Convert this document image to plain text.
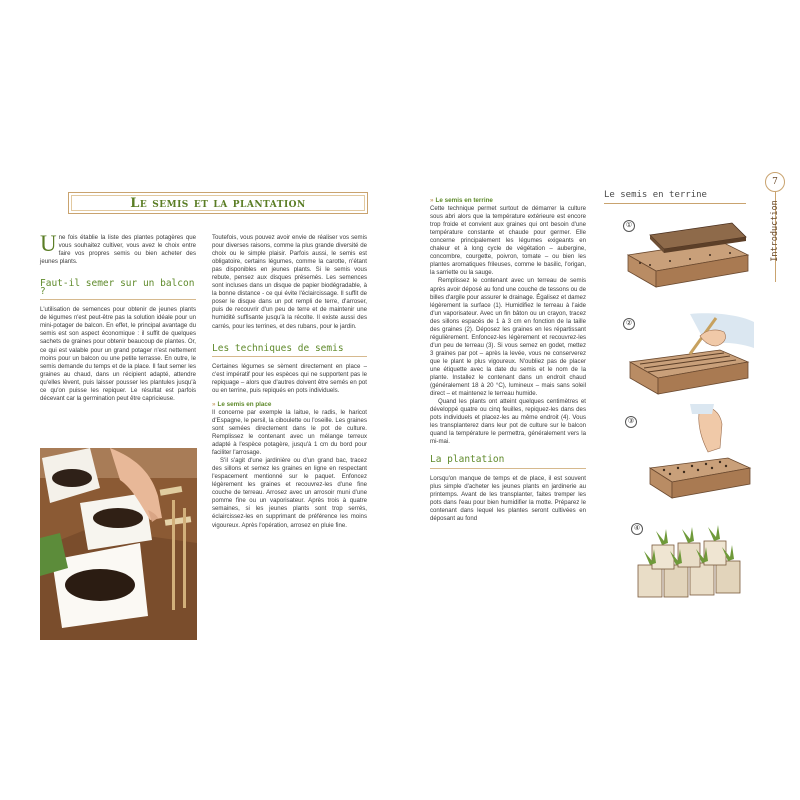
Le semis et la plantation

Une fois établie la liste des plantes potagères que vous souhaitez cultiver, vous avez le choix entre faire vos propres semis ou bien acheter des jeunes plants.

Faut-il semer sur un balcon ?

L'utilisation de semences pour obtenir de jeunes plants de légumes n'est peut-être pas la solution idéale pour un mini-potager de balcon. En effet, le principal avantage du semis est son aspect économique : il suffit de quelques sachets de graines pour obtenir beaucoup de plantes. Or, ce qui est valable pour un grand potager n'est nettement moins pour un balcon ou une petite terrasse. En outre, le semis demande du temps et de la place. Il faut semer les graines au chaud, dans un récipient adapté, attendre qu'elles lèvent, puis laisser pousser les plantules jusqu'à ce qu'on puisse les repiquer. Le résultat est parfois décevant car la germination peut être capricieuse.

Toutefois, vous pouvez avoir envie de réaliser vos semis pour diverses raisons, comme la plus grande diversité de choix ou le simple plaisir. Parfois aussi, le semis est obligatoire, certains légumes, comme la carotte, n'étant pas disponibles en jeunes plants. Si le semis vous rebute, pensez aux disques présemés. Les semences sont incluses dans un disque de papier biodégradable, à la bonne distance - ce qui évite l'éclaircissage. Il suffit de poser le disque dans un pot rempli de terre, d'arroser, puis de recouvrir d'un peu de terre et de maintenir une humidité suffisante jusqu'à la récolte. Il existe aussi des carrés, pour les terrines, et des rubans, pour le jardin.

Les techniques de semis

Certaines légumes se sèment directement en place – c'est impératif pour les espèces qui ne supportent pas le repiquage – alors que d'autres doivent être semés en pot ou en terrine, puis repiqués en pots individuels.

» Le semis en place

Il concerne par exemple la laitue, le radis, le haricot d'Espagne, le persil, la ciboulette ou l'oseille. Les graines sont semées directement dans le pot de culture. Remplissez le contenant avec un mélange terreux adapté à l'espèce potagère, jusqu'à 1 cm du bord pour faciliter l'arrosage.

S'il s'agit d'une jardinière ou d'un grand bac, tracez des sillons et semez les graines en ligne en respectant l'espacement mentionné sur le paquet. Enfoncez légèrement les graines et recouvrez-les d'une fine couche de terreau. Arrosez avec un arrosoir muni d'une pomme fine ou un vaporisateur. Après trois à quatre semaines, si les jeunes plants sont trop serrés, éclaircissez-les en supprimant de préférence les moins vigoureux. Après l'opération, arrosez en pluie fine.

» Le semis en terrine

Cette technique permet surtout de démarrer la culture sous abri alors que la température extérieure est encore trop froide et convient aux graines qui ont besoin d'une température constante et chaude pour germer. Elle concerne principalement les légumes exigeants en chaleur et à long cycle de végétation – aubergine, concombre, courgette, poivron, tomate – ou bien les plantes aromatiques frileuses, comme le basilic, l'origan, la sarriette ou la sauge.

Remplissez le contenant avec un terreau de semis après avoir déposé au fond une couche de tessons ou de billes d'argile pour assurer le drainage. Égalisez et damez légèrement la surface (1). Humidifiez le terreau à l'aide d'un vaporisateur. Avec un fin bâton ou un crayon, tracez des sillons espacés de 1 à 3 cm en fonction de la taille des graines (2). Déposez les graines en les répartissant régulièrement. Enfoncez-les légèrement et recouvrez-les d'un peu de terreau (3). Si vous semez en godet, mettez 3 graines par pot – après la levée, vous ne conserverez que le plant le plus vigoureux. N'oubliez pas de placer une étiquette avec la date du semis et le nom de la plante. Installez le contenant dans un endroit chaud (généralement 18 à 20 °C), lumineux – mais sans soleil direct – et maintenez le terreau humide.

Quand les plants ont atteint quelques centimètres et développé quatre ou cinq feuilles, repiquez-les dans des pots individuels et placez-les au même endroit (4). Vous les transplanterez dans leur pot de culture sur le balcon quand la température le permettra, généralement vers la mi-mai.

La plantation

Lorsqu'on manque de temps et de place, il est souvent plus simple d'acheter les jeunes plants en jardinerie au printemps. Avant de les transplanter, faites tremper les pots dans l'eau pour bien humidifier la motte. Préparez le contenant dans lequel les plantes seront cultivées en déposant au fond

Le semis en terrine
①
②
③
④
7
Introduction
